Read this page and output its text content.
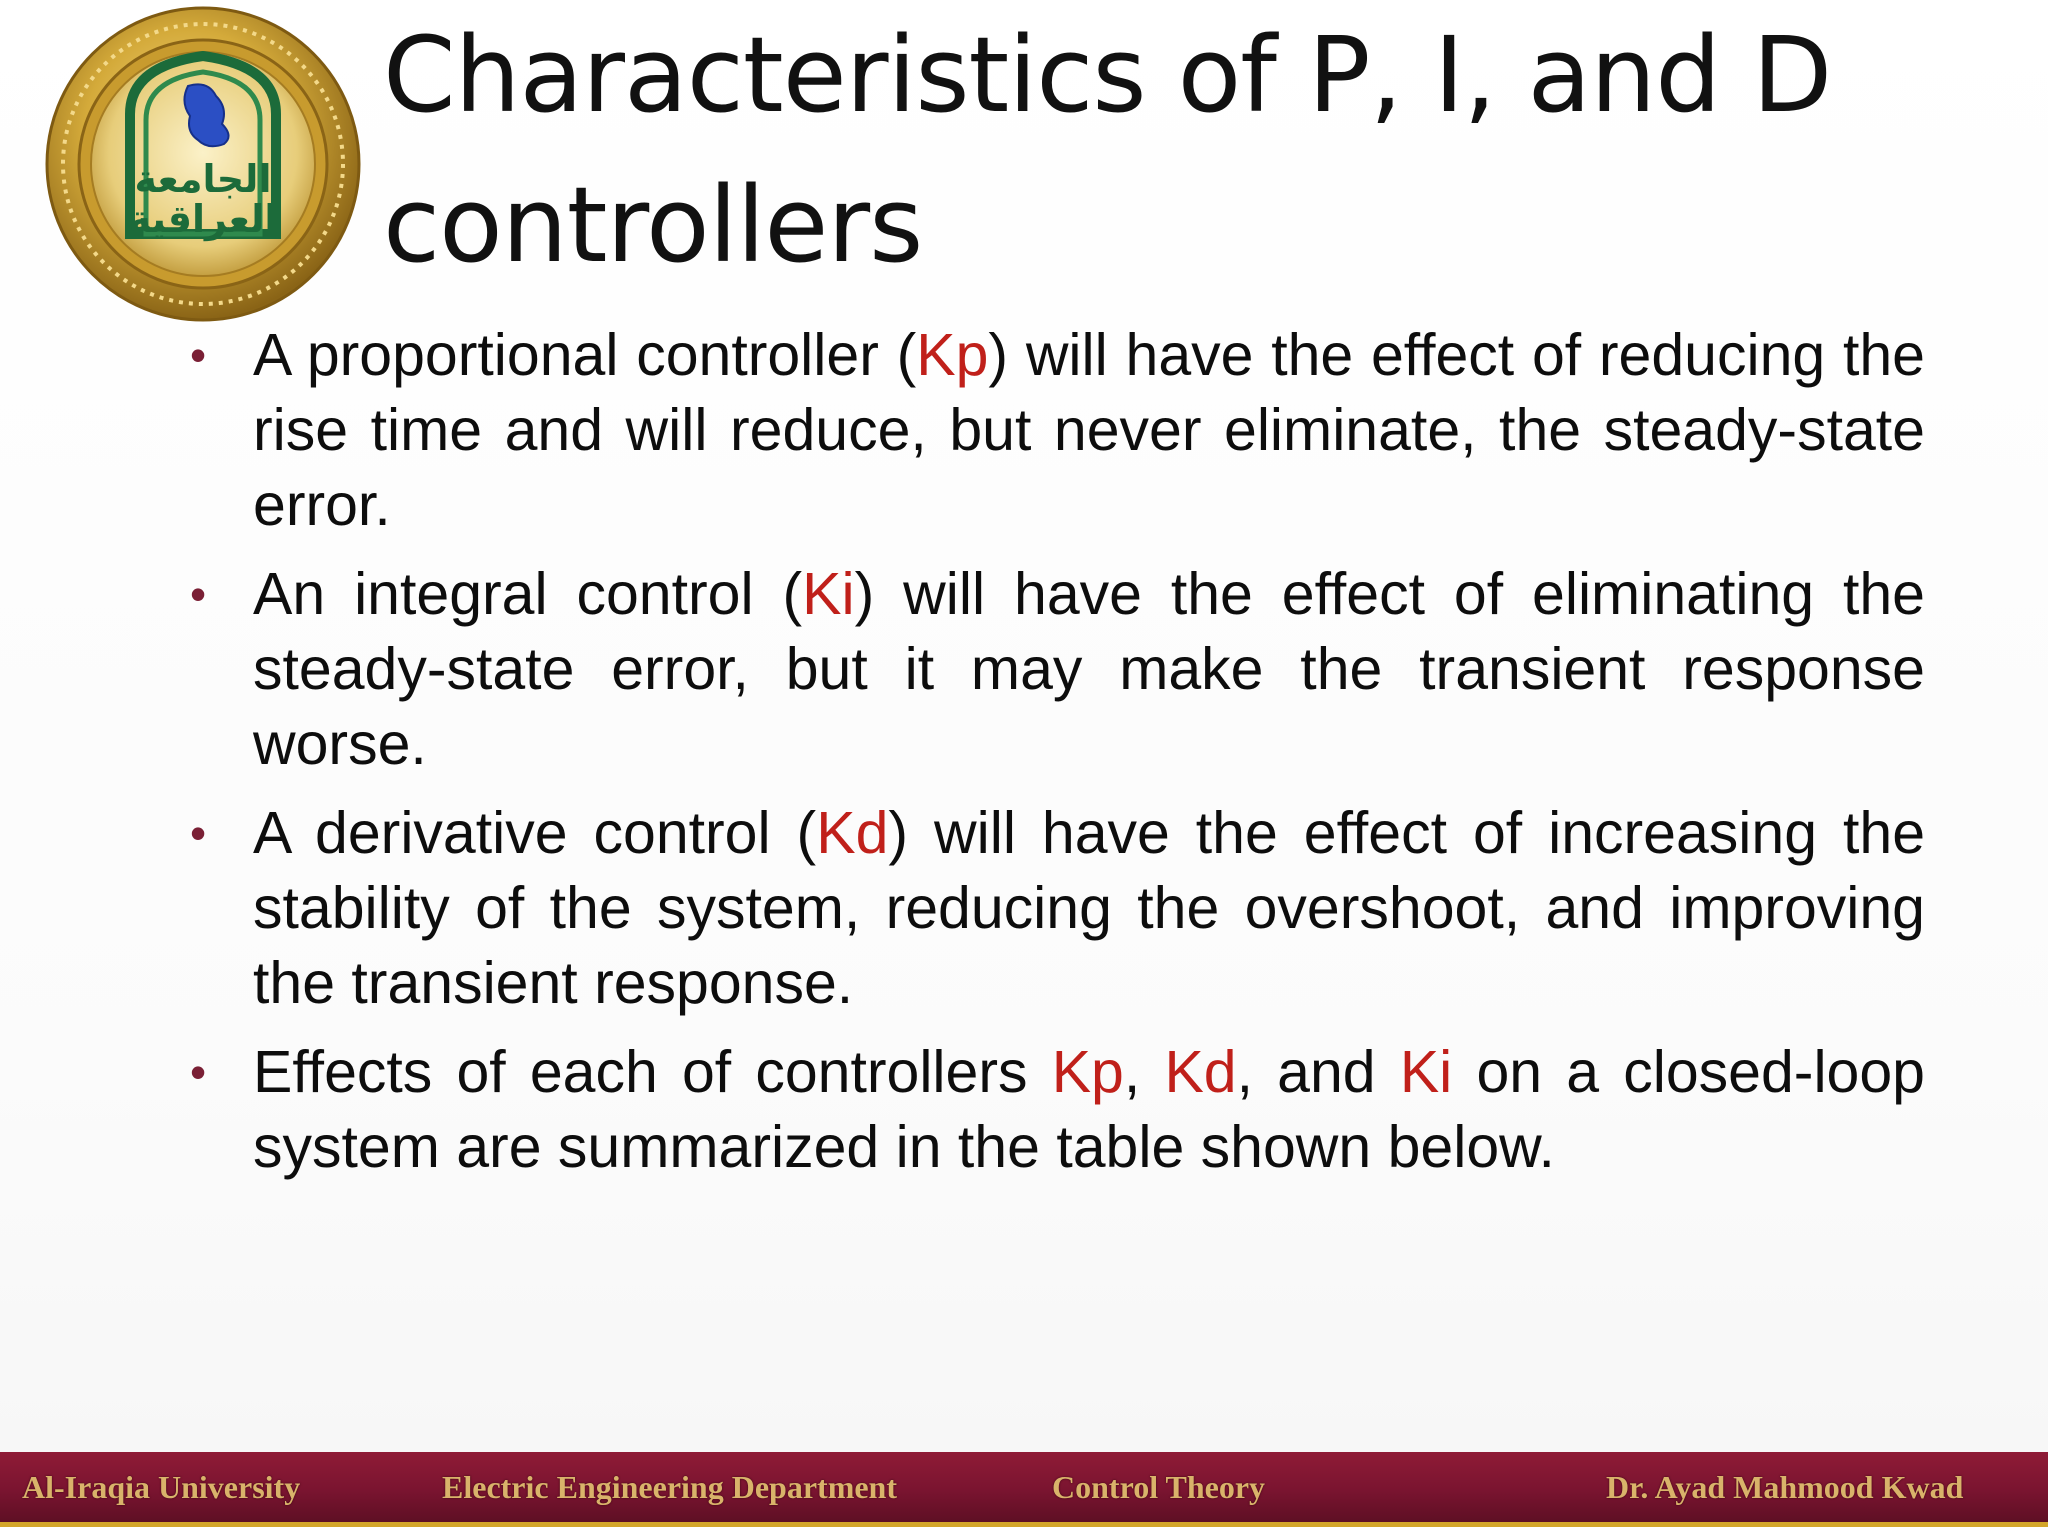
الجامعة
العراقية
Characteristics of P, I, and D controllers
• A proportional controller (Kp) will have the effect of reducing the rise time and will reduce, but never eliminate, the steady-state error.
• An integral control (Ki) will have the effect of eliminating the steady-state error, but it may make the transient response worse.
• A derivative control (Kd) will have the effect of increasing the stability of the system, reducing the overshoot, and improving the transient response.
• Effects of each of controllers Kp, Kd, and Ki on a closed-loop system are summarized in the table shown below.
Al-Iraqia University	Electric Engineering Department	Control Theory	Dr. Ayad Mahmood Kwad
